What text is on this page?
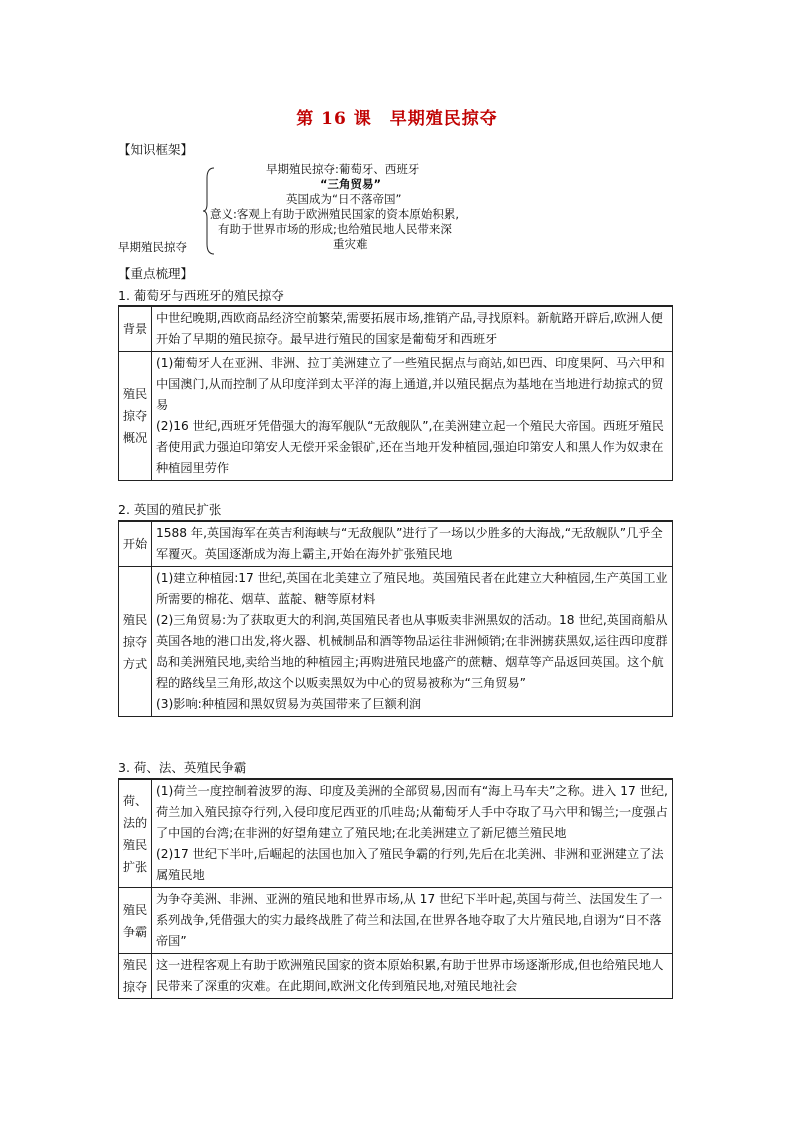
第 16 课　早期殖民掠夺
【知识框架】
早期殖民掠夺:葡萄牙、西班牙
“三角贸易”
英国成为“日不落帝国”
意义:客观上有助于欧洲殖民国家的资本原始积累,
有助于世界市场的形成;也给殖民地人民带来深
重灾难
早期殖民掠夺
【重点梳理】
1. 葡萄牙与西班牙的殖民掠夺
背景	中世纪晚期,西欧商品经济空前繁荣,需要拓展市场,推销产品,寻找原料。新航路开辟后,欧洲人便开始了早期的殖民掠夺。最早进行殖民的国家是葡萄牙和西班牙
殖民掠夺概况	(1)葡萄牙人在亚洲、非洲、拉丁美洲建立了一些殖民据点与商站,如巴西、印度果阿、马六甲和中国澳门,从而控制了从印度洋到太平洋的海上通道,并以殖民据点为基地在当地进行劫掠式的贸易
(2)16 世纪,西班牙凭借强大的海军舰队“无敌舰队”,在美洲建立起一个殖民大帝国。西班牙殖民者使用武力强迫印第安人无偿开采金银矿,还在当地开发种植园,强迫印第安人和黑人作为奴隶在种植园里劳作
2. 英国的殖民扩张
开始	1588 年,英国海军在英吉利海峡与“无敌舰队”进行了一场以少胜多的大海战,“无敌舰队”几乎全军覆灭。英国逐渐成为海上霸主,开始在海外扩张殖民地
殖民掠夺方式	(1)建立种植园:17 世纪,英国在北美建立了殖民地。英国殖民者在此建立大种植园,生产英国工业所需要的棉花、烟草、蓝靛、糖等原材料
(2)三角贸易:为了获取更大的利润,英国殖民者也从事贩卖非洲黑奴的活动。18 世纪,英国商船从英国各地的港口出发,将火器、机械制品和酒等物品运往非洲倾销;在非洲掳获黑奴,运往西印度群岛和美洲殖民地,卖给当地的种植园主;再购进殖民地盛产的蔗糖、烟草等产品返回英国。这个航程的路线呈三角形,故这个以贩卖黑奴为中心的贸易被称为“三角贸易”
(3)影响:种植园和黑奴贸易为英国带来了巨额利润
3. 荷、法、英殖民争霸
荷、法的殖民扩张	(1)荷兰一度控制着波罗的海、印度及美洲的全部贸易,因而有“海上马车夫”之称。进入 17 世纪,荷兰加入殖民掠夺行列,入侵印度尼西亚的爪哇岛;从葡萄牙人手中夺取了马六甲和锡兰;一度强占了中国的台湾;在非洲的好望角建立了殖民地;在北美洲建立了新尼德兰殖民地
(2)17 世纪下半叶,后崛起的法国也加入了殖民争霸的行列,先后在北美洲、非洲和亚洲建立了法属殖民地

殖民争霸	为争夺美洲、非洲、亚洲的殖民地和世界市场,从 17 世纪下半叶起,英国与荷兰、法国发生了一系列战争,凭借强大的实力最终战胜了荷兰和法国,在世界各地夺取了大片殖民地,自诩为“日不落帝国”
殖民掠夺	这一进程客观上有助于欧洲殖民国家的资本原始积累,有助于世界市场逐渐形成,但也给殖民地人民带来了深重的灾难。在此期间,欧洲文化传到殖民地,对殖民地社会
